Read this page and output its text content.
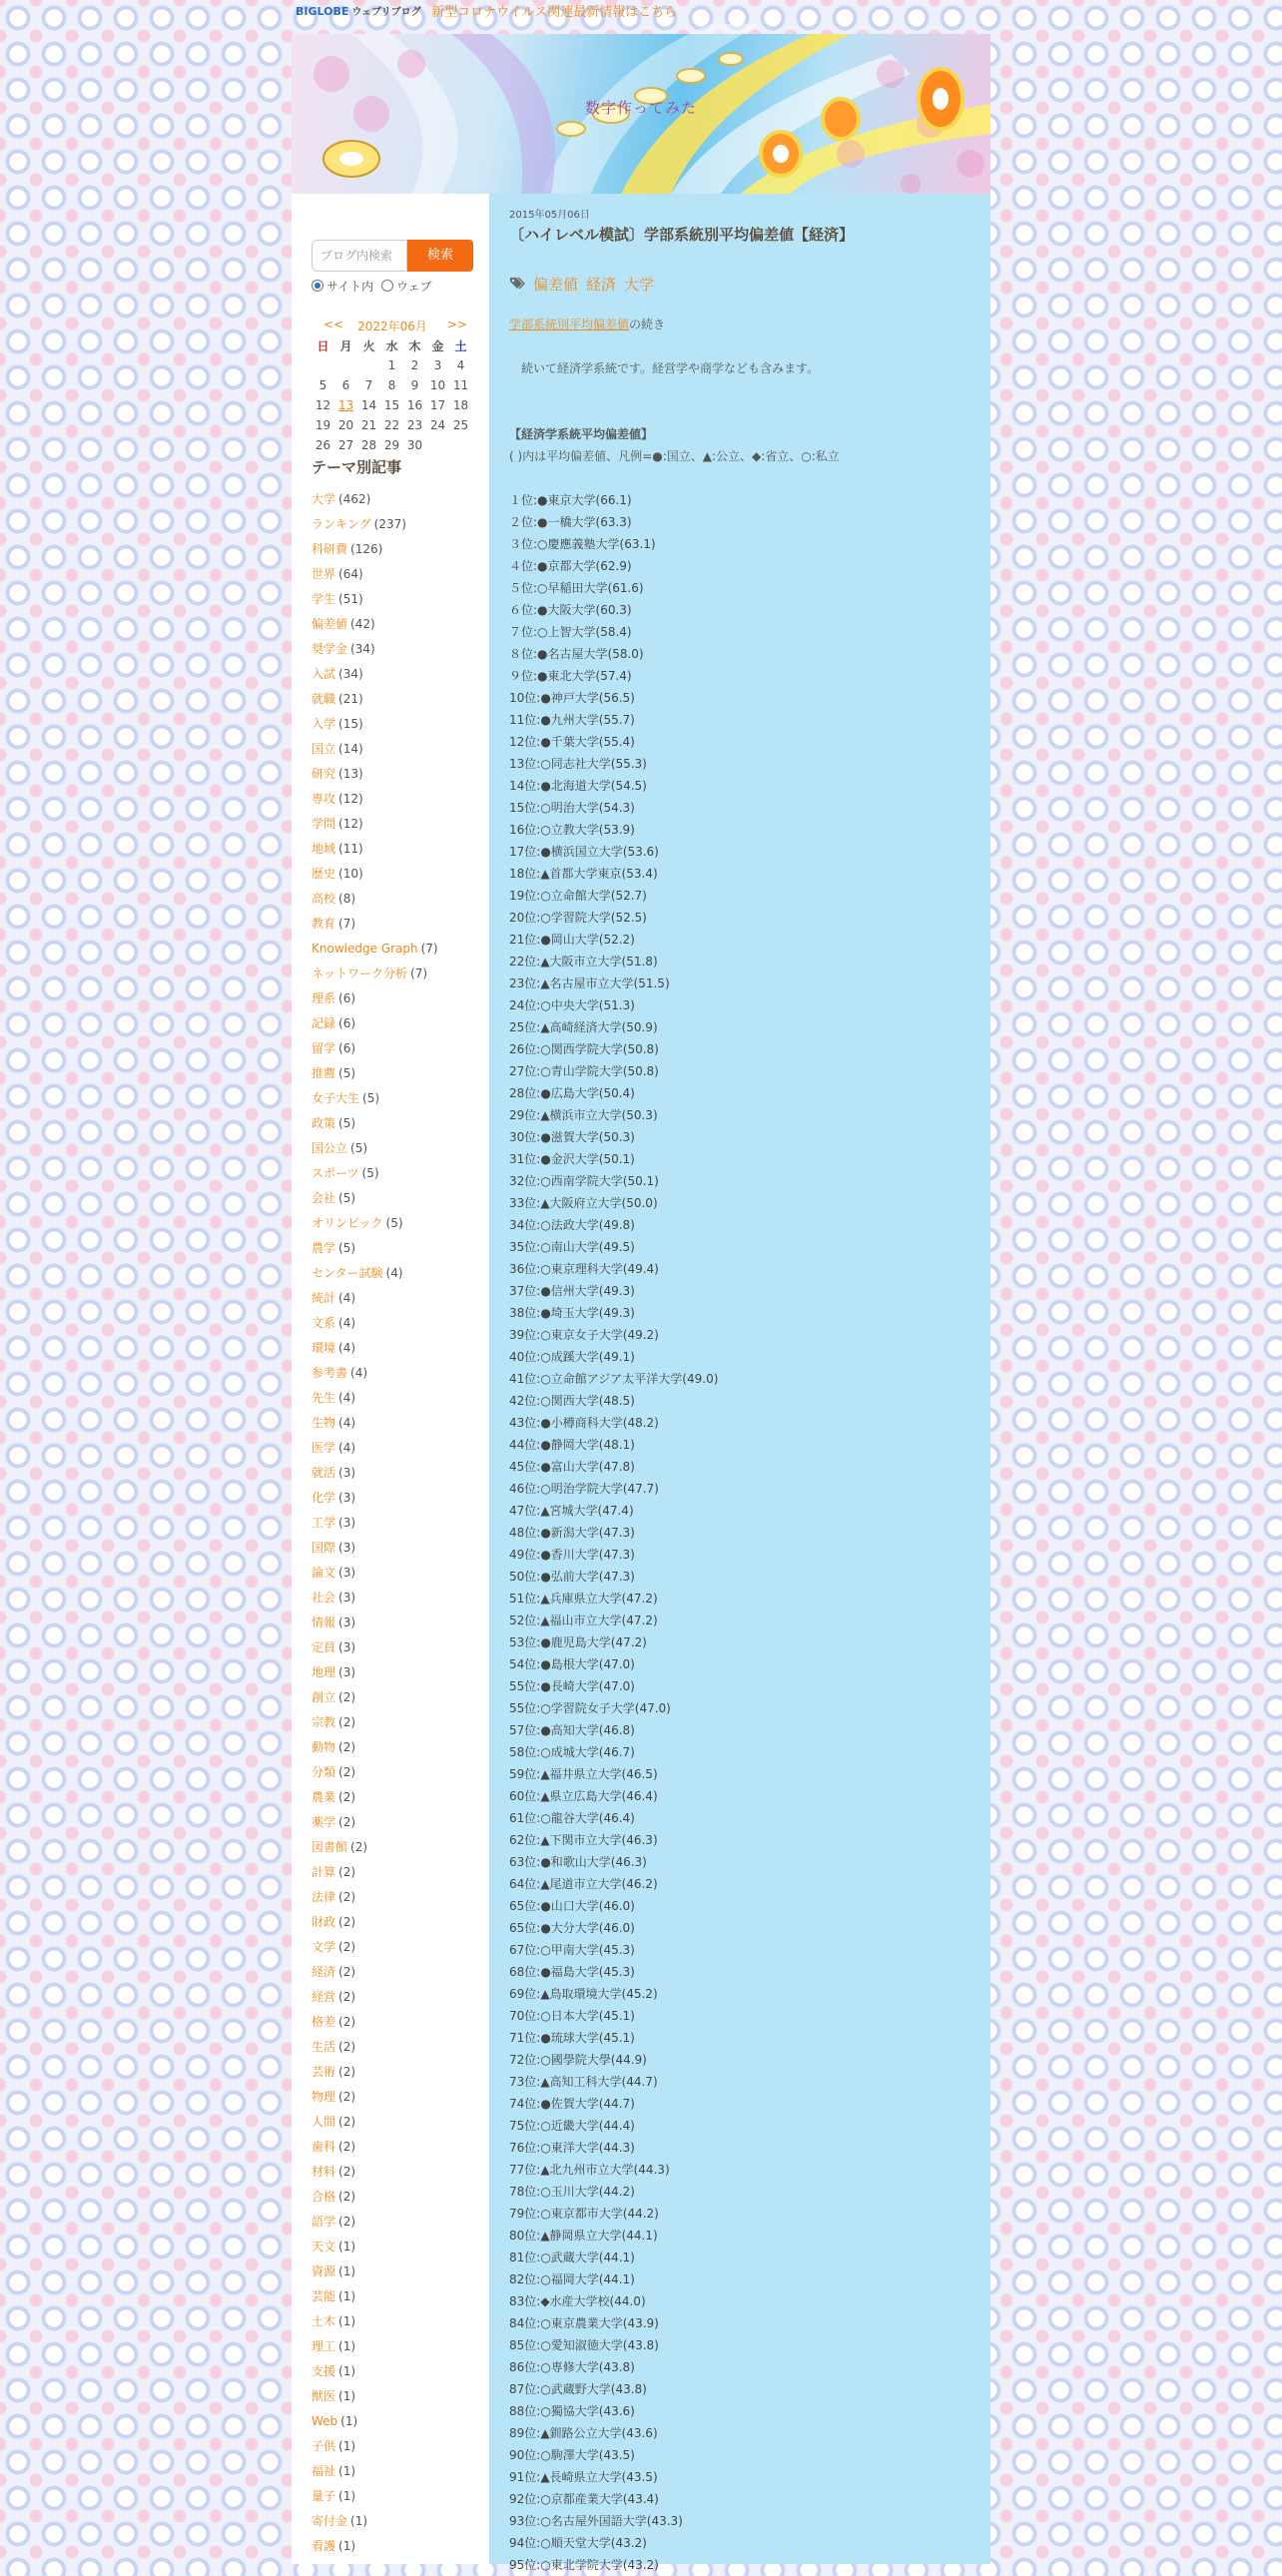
BIGLOBE ウェブリブログ 新型コロナウイルス関連最新情報はこちら
数字作ってみた
ブログ内検索	検索
サイト内 ウェブ
2022年06月
<<	>>
日	月	火	水	木	金	土
			1	2	3	4
5	6	7	8	9	10	11
12	13	14	15	16	17	18
19	20	21	22	23	24	25
26	27	28	29	30		
テーマ別記事
大学 (462)
ランキング (237)
科研費 (126)
世界 (64)
学生 (51)
偏差値 (42)
奨学金 (34)
入試 (34)
就職 (21)
入学 (15)
国立 (14)
研究 (13)
専攻 (12)
学問 (12)
地域 (11)
歴史 (10)
高校 (8)
教育 (7)
Knowledge Graph (7)
ネットワーク分析 (7)
理系 (6)
記録 (6)
留学 (6)
推薦 (5)
女子大生 (5)
政策 (5)
国公立 (5)
スポーツ (5)
会社 (5)
オリンピック (5)
農学 (5)
センター試験 (4)
統計 (4)
文系 (4)
環境 (4)
参考書 (4)
先生 (4)
生物 (4)
医学 (4)
就活 (3)
化学 (3)
工学 (3)
国際 (3)
論文 (3)
社会 (3)
情報 (3)
定員 (3)
地理 (3)
創立 (2)
宗教 (2)
動物 (2)
分類 (2)
農業 (2)
薬学 (2)
図書館 (2)
計算 (2)
法律 (2)
財政 (2)
文学 (2)
経済 (2)
経営 (2)
格差 (2)
生活 (2)
芸術 (2)
物理 (2)
人間 (2)
歯科 (2)
材料 (2)
合格 (2)
語学 (2)
天文 (1)
資源 (1)
芸能 (1)
土木 (1)
理工 (1)
支援 (1)
獣医 (1)
Web (1)
子供 (1)
福祉 (1)
量子 (1)
寄付金 (1)
看護 (1)
2015年05月06日
〔ハイレベル模試〕学部系統別平均偏差値【経済】
偏差値 経済 大学
学部系統別平均偏差値の続き
続いて経済学系統です。経営学や商学なども含みます。
【経済学系統平均偏差値】
( )内は平均偏差値、凡例=●:国立、▲:公立、◆:省立、○:私立
１位:●東京大学(66.1)
２位:●一橋大学(63.3)
３位:○慶應義塾大学(63.1)
４位:●京都大学(62.9)
５位:○早稲田大学(61.6)
６位:●大阪大学(60.3)
７位:○上智大学(58.4)
８位:●名古屋大学(58.0)
９位:●東北大学(57.4)
10位:●神戸大学(56.5)
11位:●九州大学(55.7)
12位:●千葉大学(55.4)
13位:○同志社大学(55.3)
14位:●北海道大学(54.5)
15位:○明治大学(54.3)
16位:○立教大学(53.9)
17位:●横浜国立大学(53.6)
18位:▲首都大学東京(53.4)
19位:○立命館大学(52.7)
20位:○学習院大学(52.5)
21位:●岡山大学(52.2)
22位:▲大阪市立大学(51.8)
23位:▲名古屋市立大学(51.5)
24位:○中央大学(51.3)
25位:▲高崎経済大学(50.9)
26位:○関西学院大学(50.8)
27位:○青山学院大学(50.8)
28位:●広島大学(50.4)
29位:▲横浜市立大学(50.3)
30位:●滋賀大学(50.3)
31位:●金沢大学(50.1)
32位:○西南学院大学(50.1)
33位:▲大阪府立大学(50.0)
34位:○法政大学(49.8)
35位:○南山大学(49.5)
36位:○東京理科大学(49.4)
37位:●信州大学(49.3)
38位:●埼玉大学(49.3)
39位:○東京女子大学(49.2)
40位:○成蹊大学(49.1)
41位:○立命館アジア太平洋大学(49.0)
42位:○関西大学(48.5)
43位:●小樽商科大学(48.2)
44位:●静岡大学(48.1)
45位:●富山大学(47.8)
46位:○明治学院大学(47.7)
47位:▲宮城大学(47.4)
48位:●新潟大学(47.3)
49位:●香川大学(47.3)
50位:●弘前大学(47.3)
51位:▲兵庫県立大学(47.2)
52位:▲福山市立大学(47.2)
53位:●鹿児島大学(47.2)
54位:●島根大学(47.0)
55位:●長崎大学(47.0)
55位:○学習院女子大学(47.0)
57位:●高知大学(46.8)
58位:○成城大学(46.7)
59位:▲福井県立大学(46.5)
60位:▲県立広島大学(46.4)
61位:○龍谷大学(46.4)
62位:▲下関市立大学(46.3)
63位:●和歌山大学(46.3)
64位:▲尾道市立大学(46.2)
65位:●山口大学(46.0)
65位:●大分大学(46.0)
67位:○甲南大学(45.3)
68位:●福島大学(45.3)
69位:▲鳥取環境大学(45.2)
70位:○日本大学(45.1)
71位:●琉球大学(45.1)
72位:○國學院大學(44.9)
73位:▲高知工科大学(44.7)
74位:●佐賀大学(44.7)
75位:○近畿大学(44.4)
76位:○東洋大学(44.3)
77位:▲北九州市立大学(44.3)
78位:○玉川大学(44.2)
79位:○東京都市大学(44.2)
80位:▲静岡県立大学(44.1)
81位:○武蔵大学(44.1)
82位:○福岡大学(44.1)
83位:◆水産大学校(44.0)
84位:○東京農業大学(43.9)
85位:○愛知淑徳大学(43.8)
86位:○専修大学(43.8)
87位:○武蔵野大学(43.8)
88位:○獨協大学(43.6)
89位:▲釧路公立大学(43.6)
90位:○駒澤大学(43.5)
91位:▲長崎県立大学(43.5)
92位:○京都産業大学(43.4)
93位:○名古屋外国語大学(43.3)
94位:○順天堂大学(43.2)
95位:○東北学院大学(43.2)
